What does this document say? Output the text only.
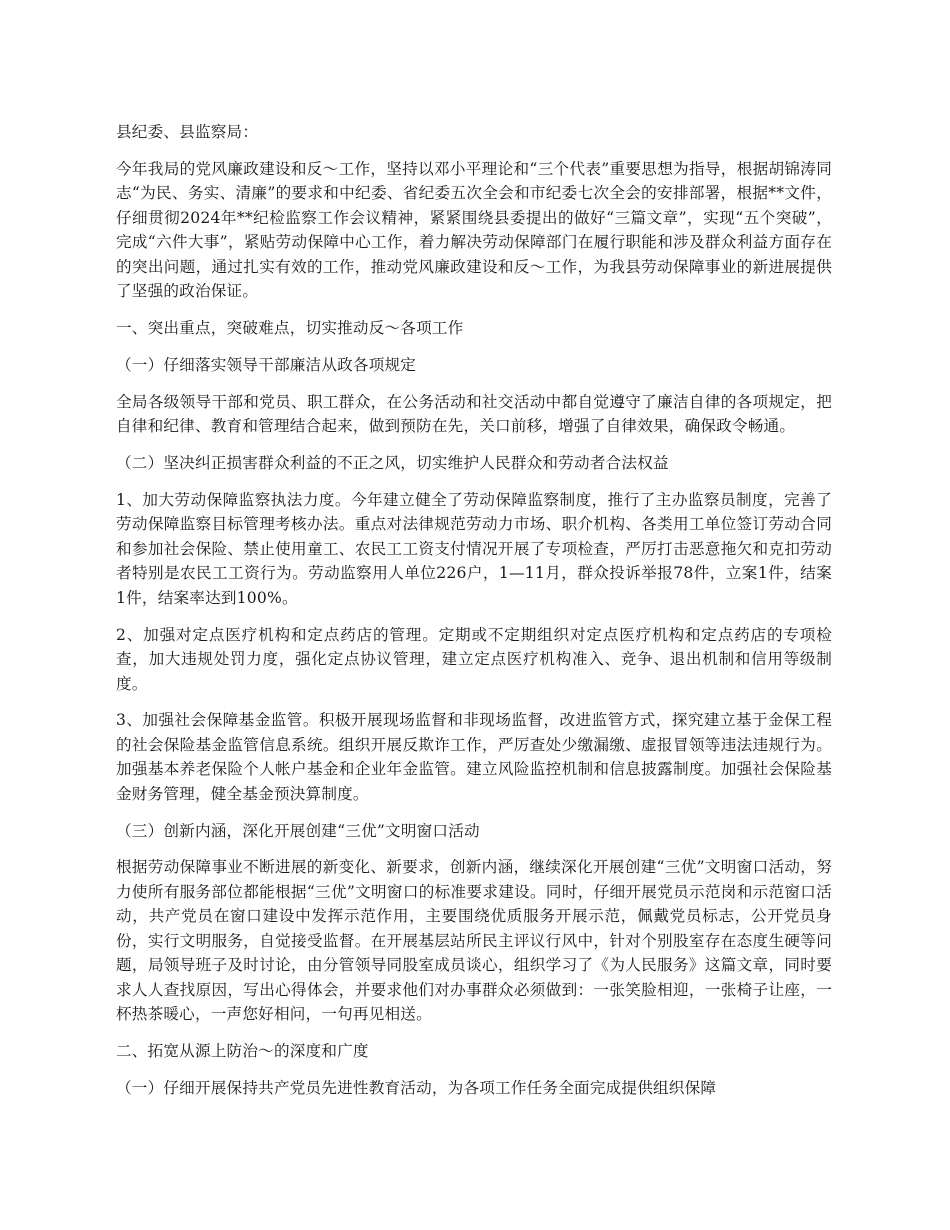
县纪委、县监察局：

今年我局的党风廉政建设和反～工作，坚持以邓小平理论和“三个代表”重要思想为指导，根据胡锦涛同志“为民、务实、清廉”的要求和中纪委、省纪委五次全会和市纪委七次全会的安排部署，根据**文件，仔细贯彻2024年**纪检监察工作会议精神，紧紧围绕县委提出的做好“三篇文章”，实现“五个突破”，完成“六件大事”，紧贴劳动保障中心工作，着力解决劳动保障部门在履行职能和涉及群众利益方面存在的突出问题，通过扎实有效的工作，推动党风廉政建设和反～工作，为我县劳动保障事业的新进展提供了坚强的政治保证。

一、突出重点，突破难点，切实推动反～各项工作

（一）仔细落实领导干部廉洁从政各项规定

全局各级领导干部和党员、职工群众，在公务活动和社交活动中都自觉遵守了廉洁自律的各项规定，把自律和纪律、教育和管理结合起来，做到预防在先，关口前移，增强了自律效果，确保政令畅通。

（二）坚决纠正损害群众利益的不正之风，切实维护人民群众和劳动者合法权益

1、加大劳动保障监察执法力度。今年建立健全了劳动保障监察制度，推行了主办监察员制度，完善了劳动保障监察目标管理考核办法。重点对法律规范劳动力市场、职介机构、各类用工单位签订劳动合同和参加社会保险、禁止使用童工、农民工工资支付情况开展了专项检查，严厉打击恶意拖欠和克扣劳动者特别是农民工工资行为。劳动监察用人单位226户，1—11月，群众投诉举报78件，立案1件，结案1件，结案率达到100%。

2、加强对定点医疗机构和定点药店的管理。定期或不定期组织对定点医疗机构和定点药店的专项检查，加大违规处罚力度，强化定点协议管理，建立定点医疗机构准入、竞争、退出机制和信用等级制度。

3、加强社会保障基金监管。积极开展现场监督和非现场监督，改进监管方式，探究建立基于金保工程的社会保险基金监管信息系统。组织开展反欺诈工作，严厉查处少缴漏缴、虚报冒领等违法违规行为。加强基本养老保险个人帐户基金和企业年金监管。建立风险监控机制和信息披露制度。加强社会保险基金财务管理，健全基金预決算制度。

（三）创新内涵，深化开展创建“三优”文明窗口活动

根据劳动保障事业不断进展的新变化、新要求，创新内涵，继续深化开展创建“三优”文明窗口活动，努力使所有服务部位都能根据“三优”文明窗口的标准要求建设。同时，仔细开展党员示范岗和示范窗口活动，共产党员在窗口建设中发挥示范作用，主要围绕优质服务开展示范，佩戴党员标志，公开党员身份，实行文明服务，自觉接受监督。在开展基层站所民主评议行风中，针对个别股室存在态度生硬等问题，局领导班子及时讨论，由分管领导同股室成员谈心，组织学习了《为人民服务》这篇文章，同时要求人人查找原因，写出心得体会，并要求他们对办事群众必须做到：一张笑脸相迎，一张椅子让座，一杯热茶暖心，一声您好相问，一句再见相送。

二、拓宽从源上防治～的深度和广度

（一）仔细开展保持共产党员先进性教育活动，为各项工作任务全面完成提供组织保障
